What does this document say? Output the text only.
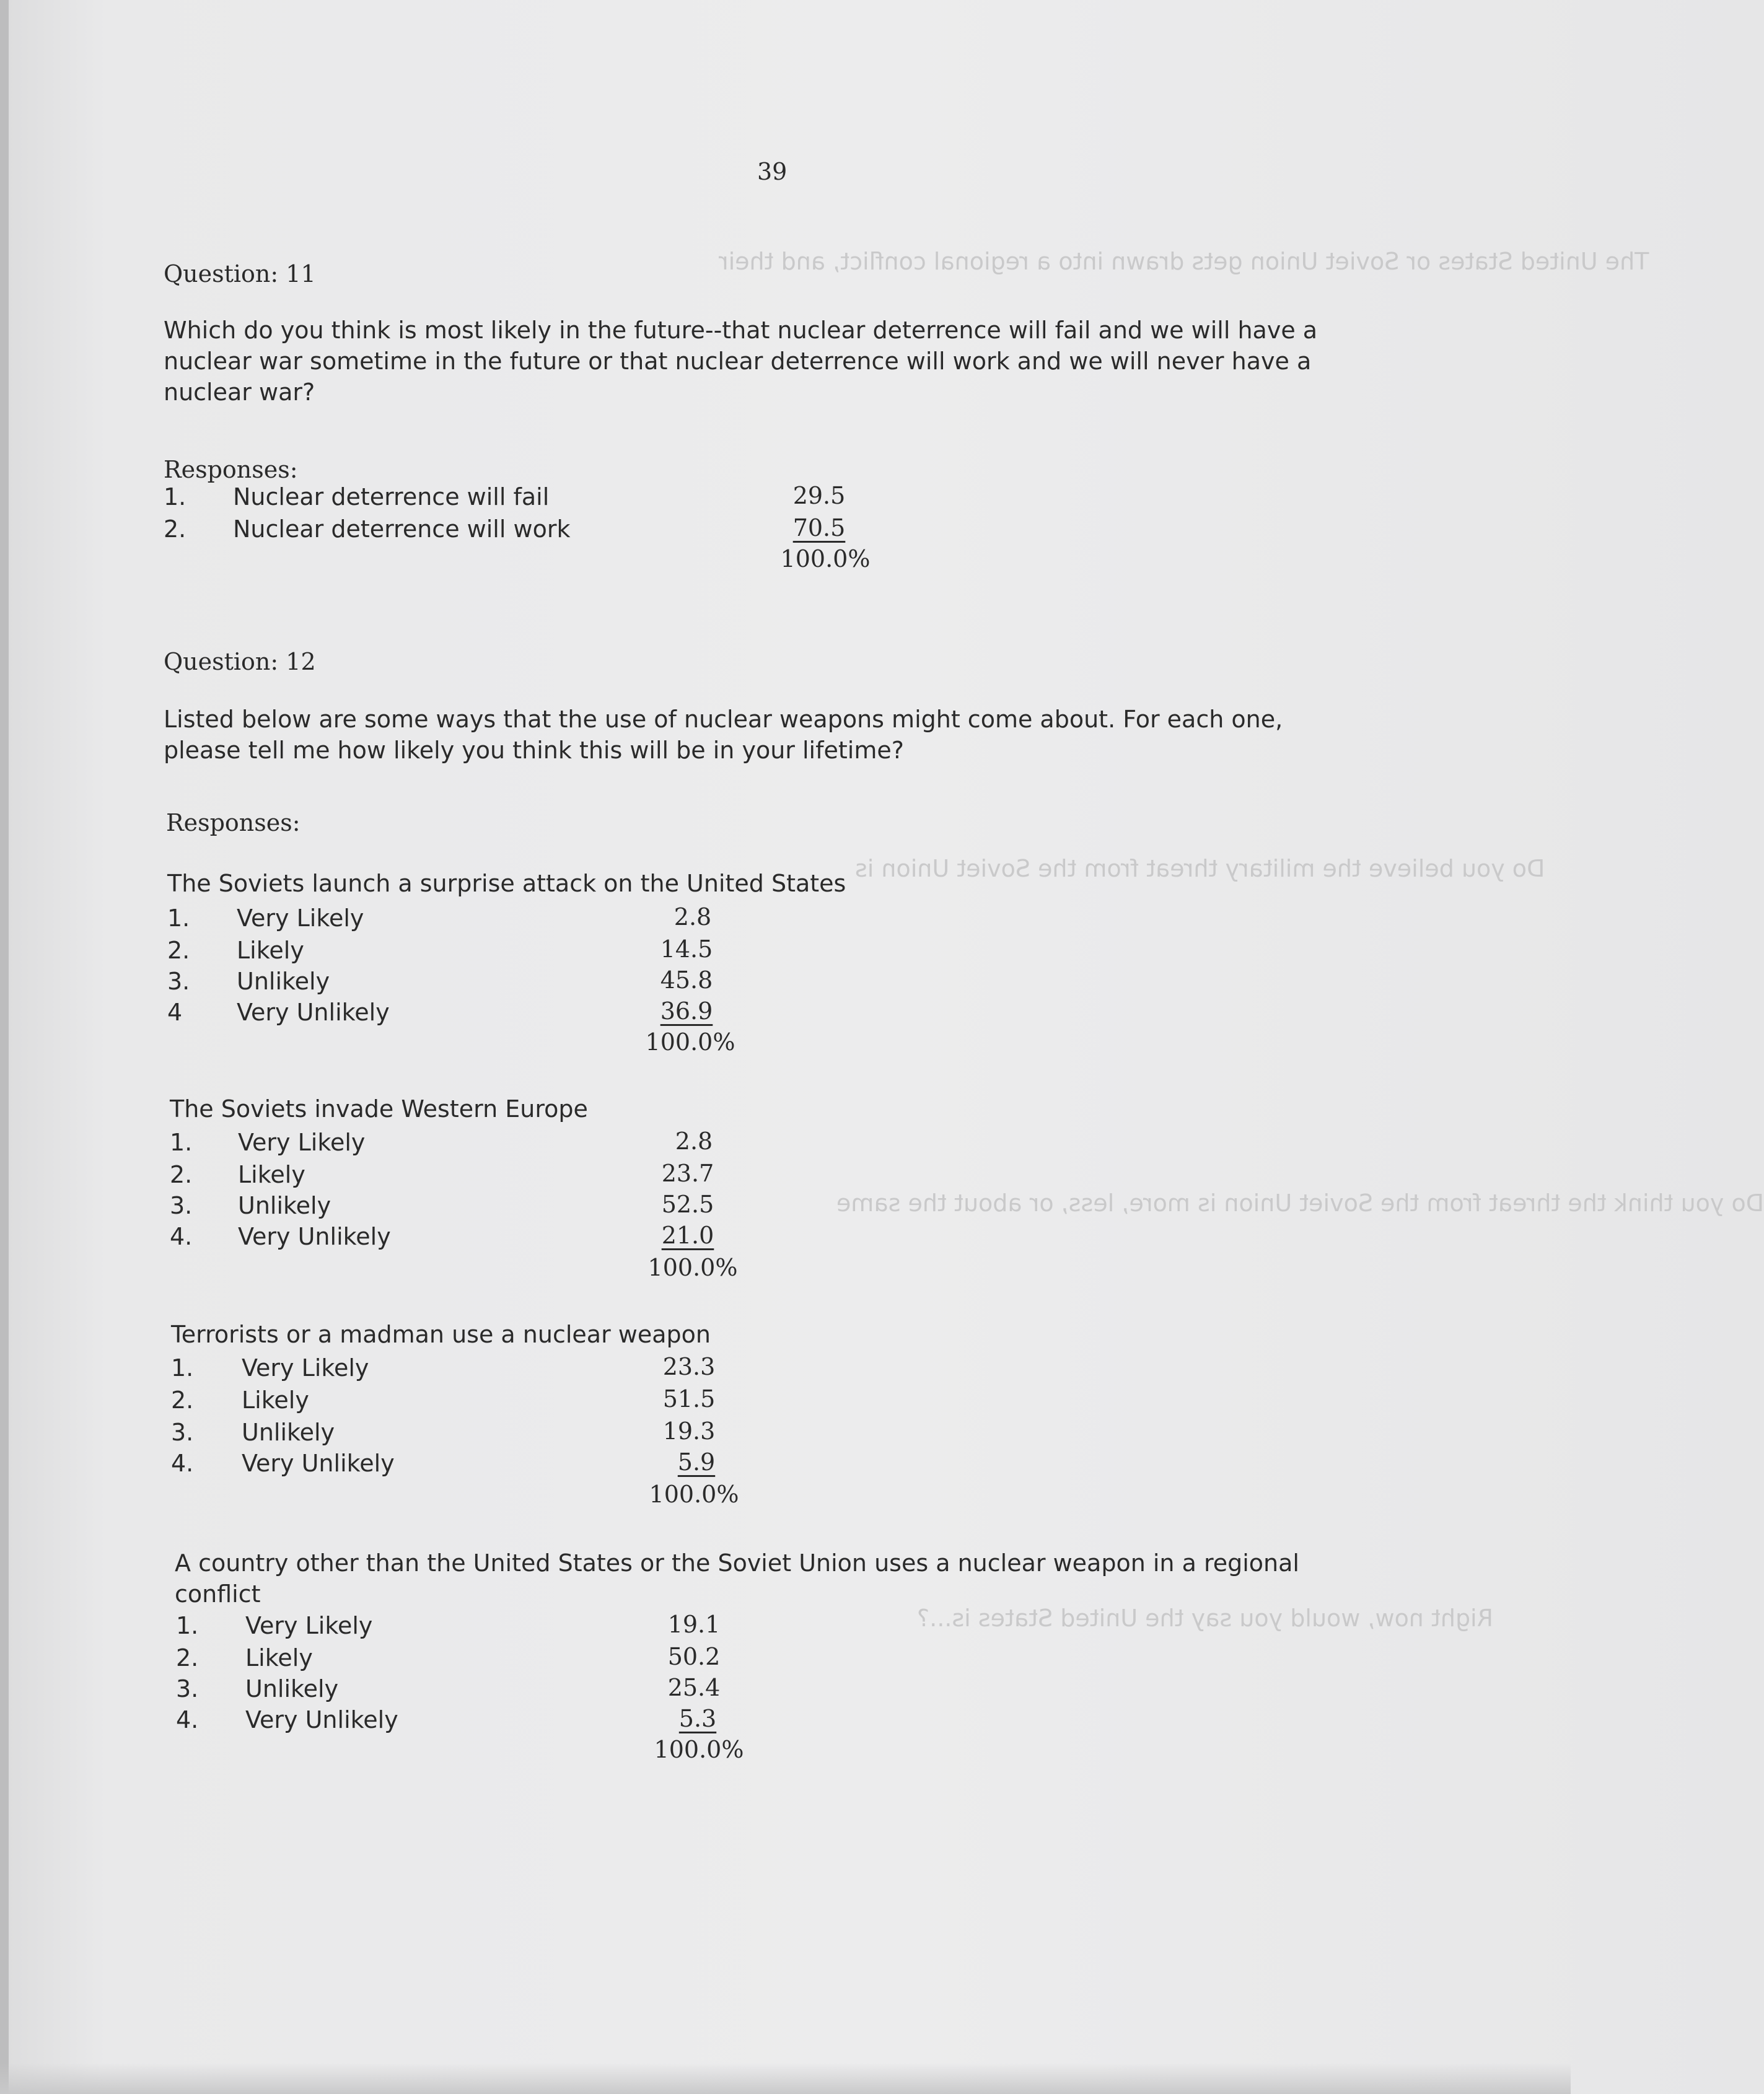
The United States or Soviet Union gets drawn into a regional conflict, and their
Do you believe the military threat from the Soviet Union is
Do you think the threat from the Soviet Union is more, less, or about the same
Right now, would you say the United States is...?
39
Question: 11
Which do you think is most likely in the future--that nuclear deterrence will fail and we will have a nuclear war sometime in the future or that nuclear deterrence will work and we will never have a nuclear war?
Responses:
1. Nuclear deterrence will fail	29.5
2. Nuclear deterrence will work	70.5
100.0%
Question: 12
Listed below are some ways that the use of nuclear weapons might come about. For each one, please tell me how likely you think this will be in your lifetime?
Responses:
The Soviets launch a surprise attack on the United States
1. Very Likely	2.8
2. Likely	14.5
3. Unlikely	45.8
4 Very Unlikely	36.9
100.0%
The Soviets invade Western Europe
1. Very Likely	2.8
2. Likely	23.7
3. Unlikely	52.5
4. Very Unlikely	21.0
100.0%
Terrorists or a madman use a nuclear weapon
1. Very Likely	23.3
2. Likely	51.5
3. Unlikely	19.3
4. Very Unlikely	5.9
100.0%
A country other than the United States or the Soviet Union uses a nuclear weapon in a regional conflict
1. Very Likely	19.1
2. Likely	50.2
3. Unlikely	25.4
4. Very Unlikely	5.3
100.0%
